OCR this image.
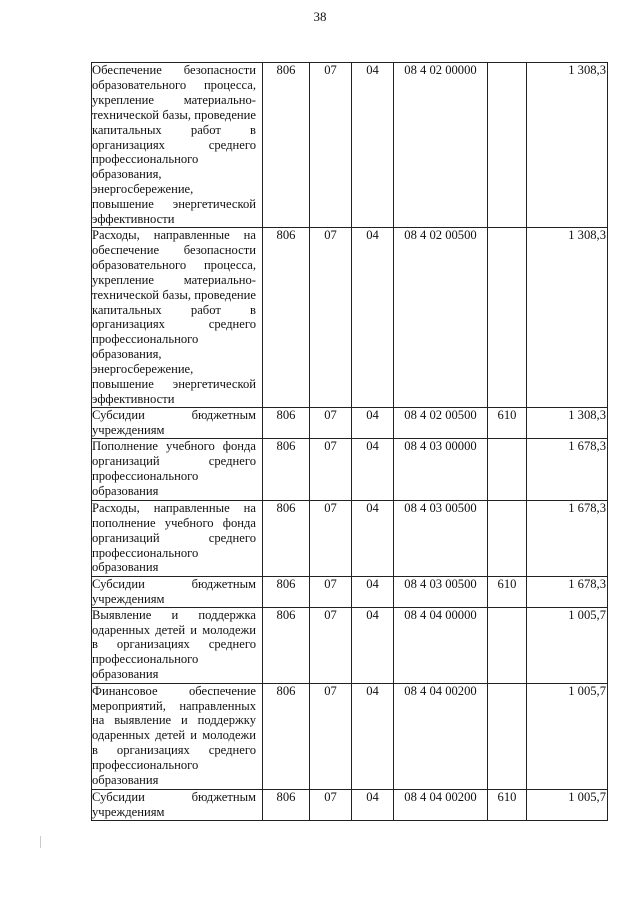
38
Обеспечение безопасности образовательного процесса, укрепление материально-технической базы, проведение капитальных работ в организациях среднего профессионального образования, энергосбережение, повышение энергетической эффективности	806	07	04	08 4 02 00000		1 308,3

Расходы, направленные на обеспечение безопасности образовательного процесса, укрепление материально-технической базы, проведение капитальных работ в организациях среднего профессионального образования, энергосбережение, повышение энергетической эффективности	806	07	04	08 4 02 00500		1 308,3

Субсидии бюджетным учреждениям	806	07	04	08 4 02 00500	610	1 308,3

Пополнение учебного фонда организаций среднего профессионального образования	806	07	04	08 4 03 00000		1 678,3

Расходы, направленные на пополнение учебного фонда организаций среднего профессионального образования	806	07	04	08 4 03 00500		1 678,3

Субсидии бюджетным учреждениям	806	07	04	08 4 03 00500	610	1 678,3

Выявление и поддержка одаренных детей и молодежи в организациях среднего профессионального образования	806	07	04	08 4 04 00000		1 005,7

Финансовое обеспечение мероприятий, направленных на выявление и поддержку одаренных детей и молодежи в организациях среднего профессионального образования	806	07	04	08 4 04 00200		1 005,7

Субсидии бюджетным учреждениям	806	07	04	08 4 04 00200	610	1 005,7
